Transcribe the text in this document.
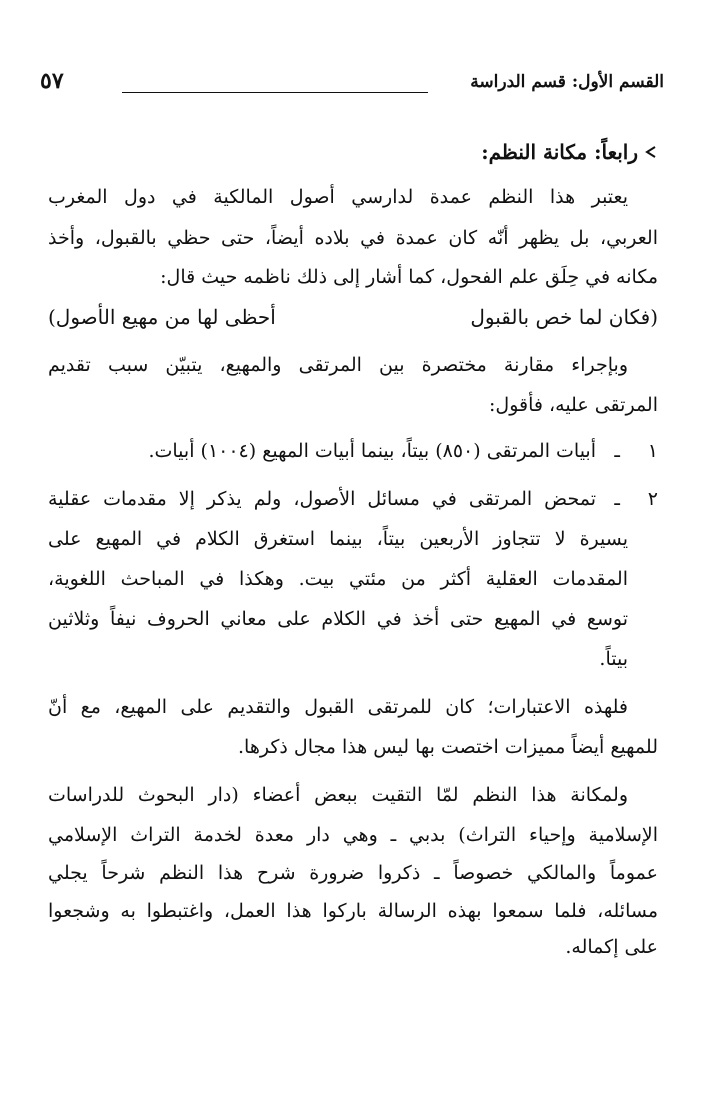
القسم الأول: قسم الدراسة
٥٧
رابعاً: مكانة النظم:
يعتبر هذا النظم عمدة لدارسي أصول المالكية في دول المغرب
العربي، بل يظهر أنّه كان عمدة في بلاده أيضاً، حتى حظي بالقبول، وأخذ
مكانه في حِلَق علم الفحول، كما أشار إلى ذلك ناظمه حيث قال:
(فكان لما خص بالقبول
أحظى لها من مهيع الأصول)
وبإجراء مقارنة مختصرة بين المرتقى والمهيع، يتبيّن سبب تقديم
المرتقى عليه، فأقول:
١
ـ
أبيات المرتقى (٨٥٠) بيتاً، بينما أبيات المهيع (١٠٠٤) أبيات.
٢
ـ
تمحض المرتقى في مسائل الأصول، ولم يذكر إلا مقدمات عقلية
يسيرة لا تتجاوز الأربعين بيتاً، بينما استغرق الكلام في المهيع على
المقدمات العقلية أكثر من مئتي بيت. وهكذا في المباحث اللغوية،
توسع في المهيع حتى أخذ في الكلام على معاني الحروف نيفاً وثلاثين
بيتاً.
فلهذه الاعتبارات؛ كان للمرتقى القبول والتقديم على المهيع، مع أنّ
للمهيع أيضاً مميزات اختصت بها ليس هذا مجال ذكرها.
ولمكانة هذا النظم لمّا التقيت ببعض أعضاء (دار البحوث للدراسات
الإسلامية وإحياء التراث) بدبي ـ وهي دار معدة لخدمة التراث الإسلامي
عموماً والمالكي خصوصاً ـ ذكروا ضرورة شرح هذا النظم شرحاً يجلي
مسائله، فلما سمعوا بهذه الرسالة باركوا هذا العمل، واغتبطوا به وشجعوا
على إكماله.
